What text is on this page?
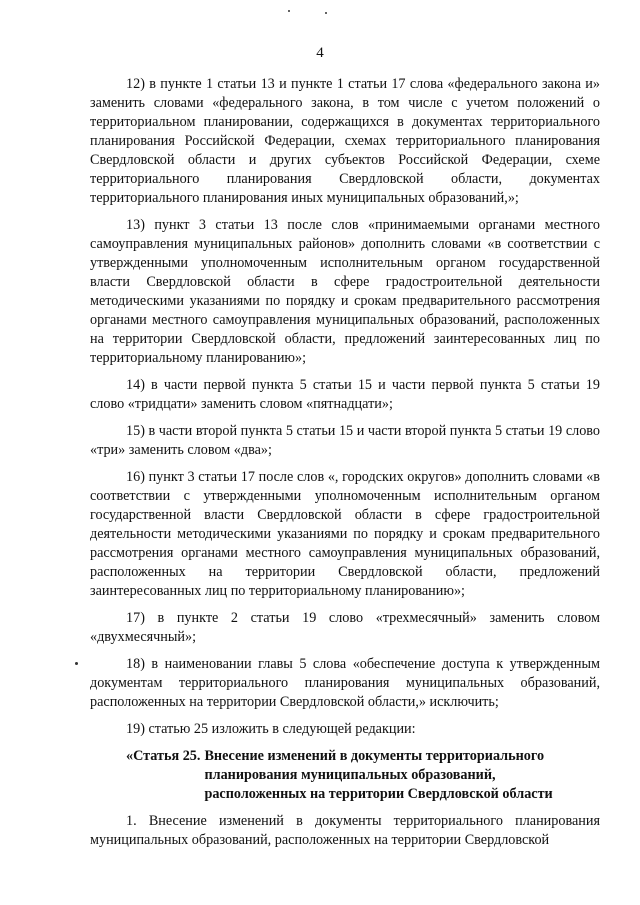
4

12) в пункте 1 статьи 13 и пункте 1 статьи 17 слова «федерального закона и» заменить словами «федерального закона, в том числе с учетом положений о территориальном планировании, содержащихся в документах территориального планирования Российской Федерации, схемах территориального планирования Свердловской области и других субъектов Российской Федерации, схеме территориального планирования Свердловской области, документах территориального планирования иных муниципальных образований,»;

13) пункт 3 статьи 13 после слов «принимаемыми органами местного самоуправления муниципальных районов» дополнить словами «в соответствии с утвержденными уполномоченным исполнительным органом государственной власти Свердловской области в сфере градостроительной деятельности методическими указаниями по порядку и срокам предварительного рассмотрения органами местного самоуправления муниципальных образований, расположенных на территории Свердловской области, предложений заинтересованных лиц по территориальному планированию»;

14) в части первой пункта 5 статьи 15 и части первой пункта 5 статьи 19 слово «тридцати» заменить словом «пятнадцати»;

15) в части второй пункта 5 статьи 15 и части второй пункта 5 статьи 19 слово «три» заменить словом «два»;

16) пункт 3 статьи 17 после слов «, городских округов» дополнить словами «в соответствии с утвержденными уполномоченным исполнительным органом государственной власти Свердловской области в сфере градостроительной деятельности методическими указаниями по порядку и срокам предварительного рассмотрения органами местного самоуправления муниципальных образований, расположенных на территории Свердловской области, предложений заинтересованных лиц по территориальному планированию»;

17) в пункте 2 статьи 19 слово «трехмесячный» заменить словом «двухмесячный»;

18) в наименовании главы 5 слова «обеспечение доступа к утвержденным документам территориального планирования муниципальных образований, расположенных на территории Свердловской области,» исключить;

19) статью 25 изложить в следующей редакции:

«Статья 25. Внесение изменений в документы территориального планирования муниципальных образований, расположенных на территории Свердловской области

1. Внесение изменений в документы территориального планирования муниципальных образований, расположенных на территории Свердловской
